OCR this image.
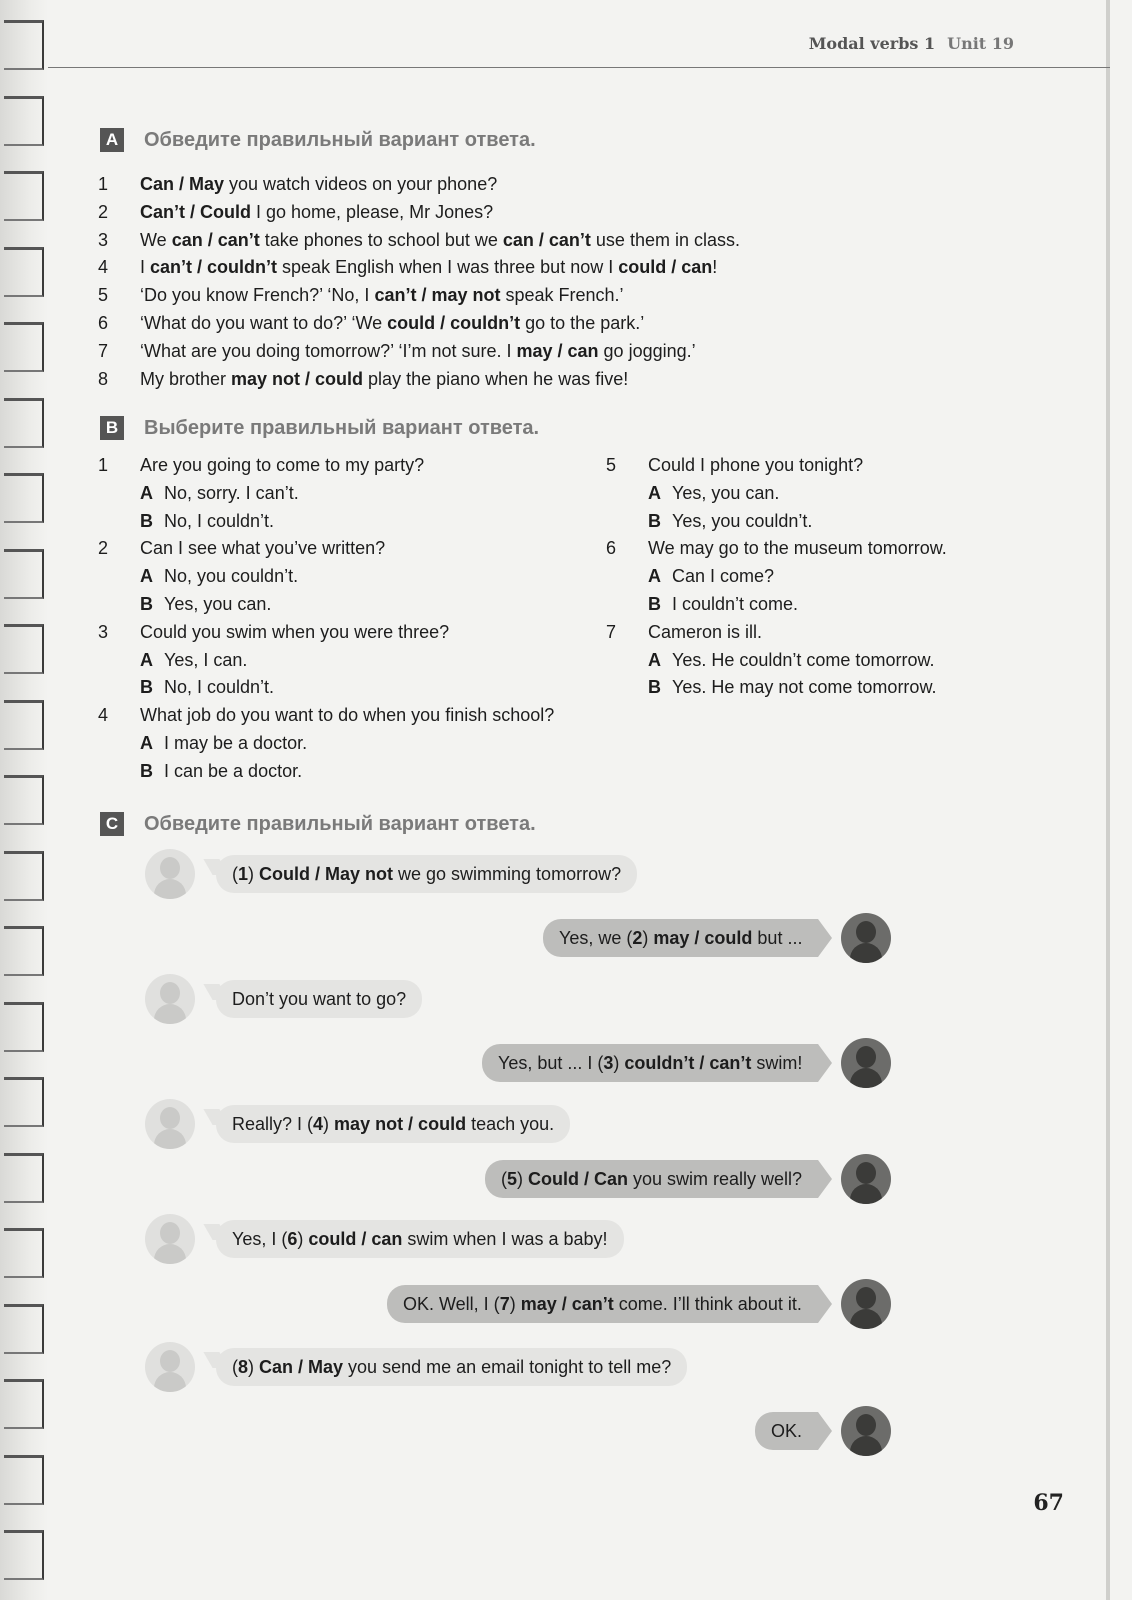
Modal verbs 1 Unit 19
A Обведите правильный вариант ответа.
1	Can / May you watch videos on your phone?
2	Can’t / Could I go home, please, Mr Jones?
3	We can / can’t take phones to school but we can / can’t use them in class.
4	I can’t / couldn’t speak English when I was three but now I could / can!
5	‘Do you know French?’ ‘No, I can’t / may not speak French.’
6	‘What do you want to do?’ ‘We could / couldn’t go to the park.’
7	‘What are you doing tomorrow?’ ‘I’m not sure. I may / can go jogging.’
8	My brother may not / could play the piano when he was five!
B Выберите правильный вариант ответа.
1	Are you going to come to my party?
A No, sorry. I can’t.
B No, I couldn’t.
2	Can I see what you’ve written?
A No, you couldn’t.
B Yes, you can.
3	Could you swim when you were three?
A Yes, I can.
B No, I couldn’t.
4	What job do you want to do when you finish school?
A I may be a doctor.
B I can be a doctor.
5	Could I phone you tonight?
A Yes, you can.
B Yes, you couldn’t.
6	We may go to the museum tomorrow.
A Can I come?
B I couldn’t come.
7	Cameron is ill.
A Yes. He couldn’t come tomorrow.
B Yes. He may not come tomorrow.
C Обведите правильный вариант ответа.
(1) Could / May not we go swimming tomorrow?
Yes, we (2) may / could but ...
Don’t you want to go?
Yes, but ... I (3) couldn’t / can’t swim!
Really? I (4) may not / could teach you.
(5) Could / Can you swim really well?
Yes, I (6) could / can swim when I was a baby!
OK. Well, I (7) may / can’t come. I’ll think about it.
(8) Can / May you send me an email tonight to tell me?
OK.
67
